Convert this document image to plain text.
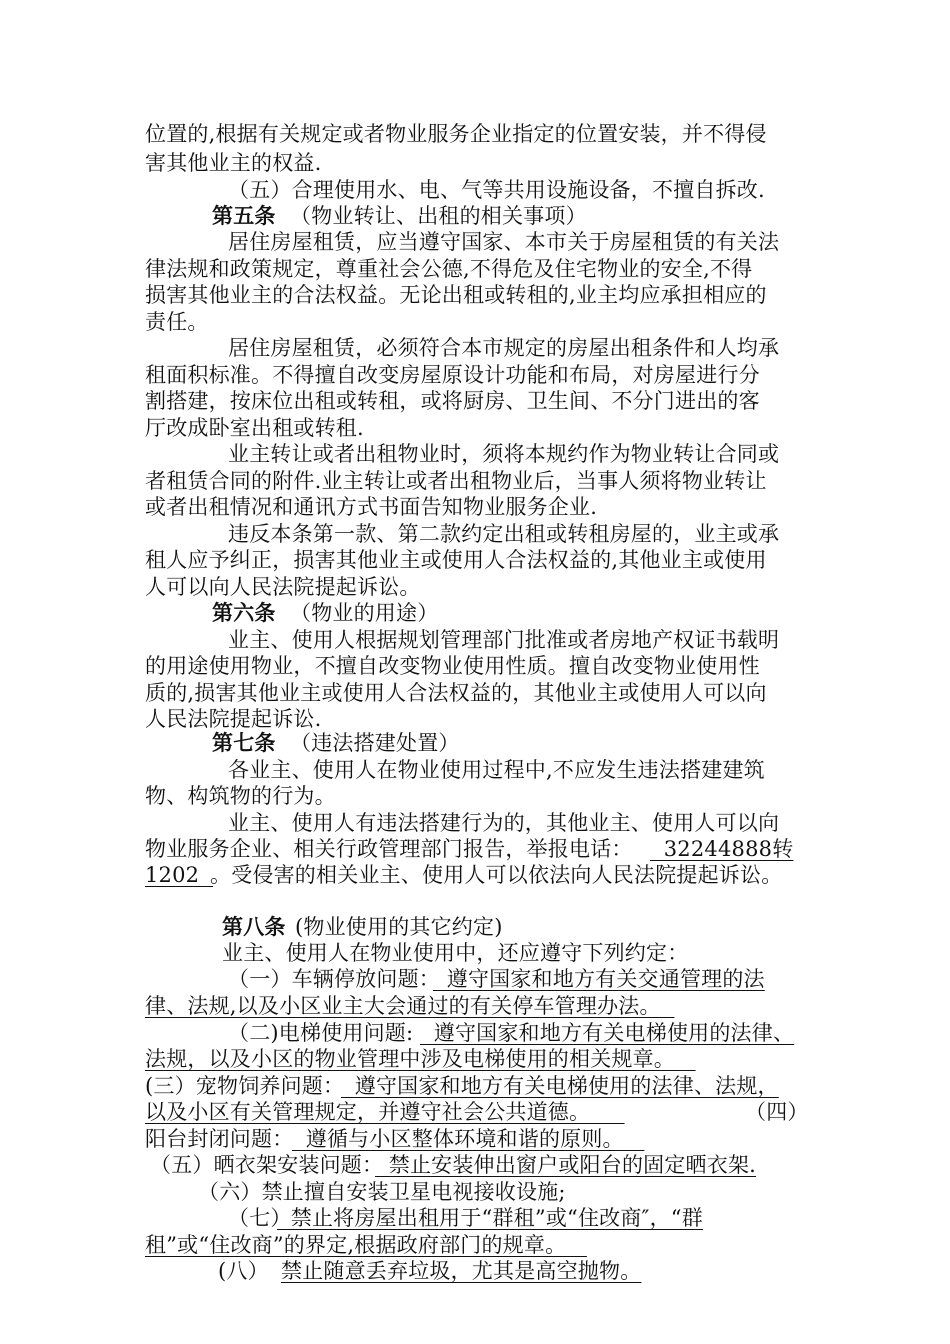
位置的,根据有关规定或者物业服务企业指定的位置安装，并不得侵
害其他业主的权益.
（五）合理使用水、电、气等共用设施设备，不擅自拆改.
第五条 （物业转让、出租的相关事项）
居住房屋租赁，应当遵守国家、本市关于房屋租赁的有关法
律法规和政策规定，尊重社会公德,不得危及住宅物业的安全,不得
损害其他业主的合法权益。无论出租或转租的,业主均应承担相应的
责任。
居住房屋租赁，必须符合本市规定的房屋出租条件和人均承
租面积标准。不得擅自改变房屋原设计功能和布局，对房屋进行分
割搭建，按床位出租或转租，或将厨房、卫生间、不分门进出的客
厅改成卧室出租或转租.
业主转让或者出租物业时，须将本规约作为物业转让合同或
者租赁合同的附件.业主转让或者出租物业后，当事人须将物业转让
或者出租情况和通讯方式书面告知物业服务企业.
违反本条第一款、第二款约定出租或转租房屋的，业主或承
租人应予纠正，损害其他业主或使用人合法权益的,其他业主或使用
人可以向人民法院提起诉讼。
第六条 （物业的用途）
业主、使用人根据规划管理部门批准或者房地产权证书载明
的用途使用物业，不擅自改变物业使用性质。擅自改变物业使用性
质的,损害其他业主或使用人合法权益的，其他业主或使用人可以向
人民法院提起诉讼.
第七条 （违法搭建处置）
各业主、使用人在物业使用过程中,不应发生违法搭建建筑
物、构筑物的行为。
业主、使用人有违法搭建行为的，其他业主、使用人可以向
物业服务企业、相关行政管理部门报告，举报电话： 32244888转
1202
。受侵害的相关业主、使用人可以依法向人民法院提起诉讼。
第八条 (物业使用的其它约定)
业主、使用人在物业使用中，还应遵守下列约定：
（一）车辆停放问题：
遵守国家和地方有关交通管理的法
律、法规,以及小区业主大会通过的有关停车管理办法。
（二)电梯使用问题: 遵守国家和地方有关电梯使用的法律、
法规，以及小区的物业管理中涉及电梯使用的相关规章。
(三）宠物饲养问题：
遵守国家和地方有关电梯使用的法律、法规，
以及小区有关管理规定，并遵守社会公共道德。	（四）
阳台封闭问题：
遵循与小区整体环境和谐的原则。
（五）晒衣架安装问题：
禁止安装伸出窗户或阳台的固定晒衣架.
（六）禁止擅自安装卫星电视接收设施;
（七）
禁止将房屋出租用于“群租”或“住改商″，“群
租”或“住改商”的界定,根据政府部门的规章。
(八） 禁止随意丢弃垃圾，尤其是高空抛物。
